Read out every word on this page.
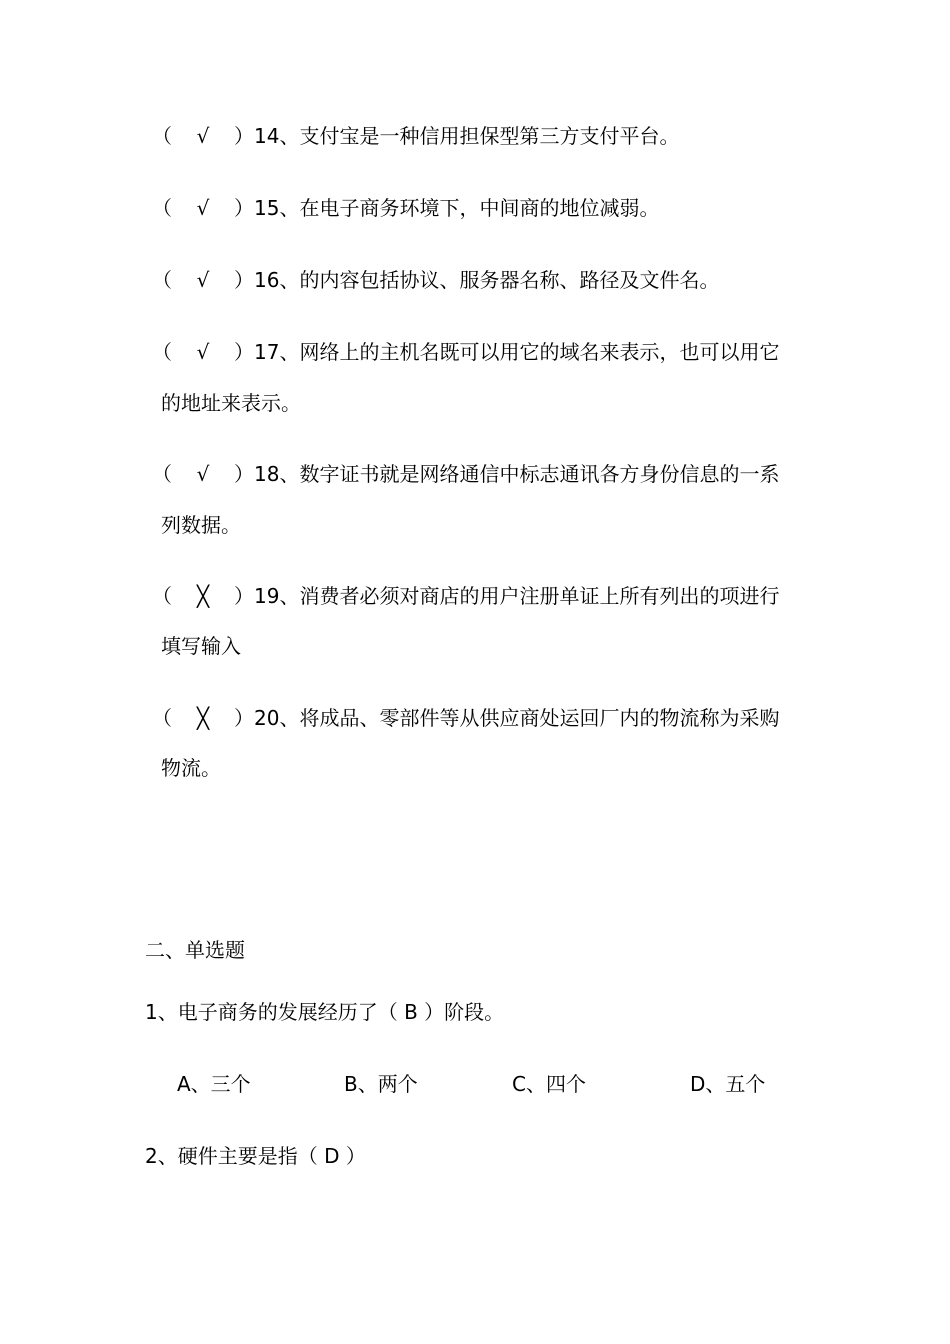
（ √ ）14、支付宝是一种信用担保型第三方支付平台。
（ √ ）15、在电子商务环境下，中间商的地位减弱。
（ √ ）16、的内容包括协议、服务器名称、路径及文件名。
（ √ ）17、网络上的主机名既可以用它的域名来表示，也可以用它
的地址来表示。
（ √ ）18、数字证书就是网络通信中标志通讯各方身份信息的一系
列数据。
（ ╳ ）19、消费者必须对商店的用户注册单证上所有列出的项进行
填写输入
（ ╳ ）20、将成品、零部件等从供应商处运回厂内的物流称为采购
物流。
二、单选题
1、电子商务的发展经历了（ B ）阶段。
A、三个	B、两个	C、四个	D、五个
2、硬件主要是指（ D ）
